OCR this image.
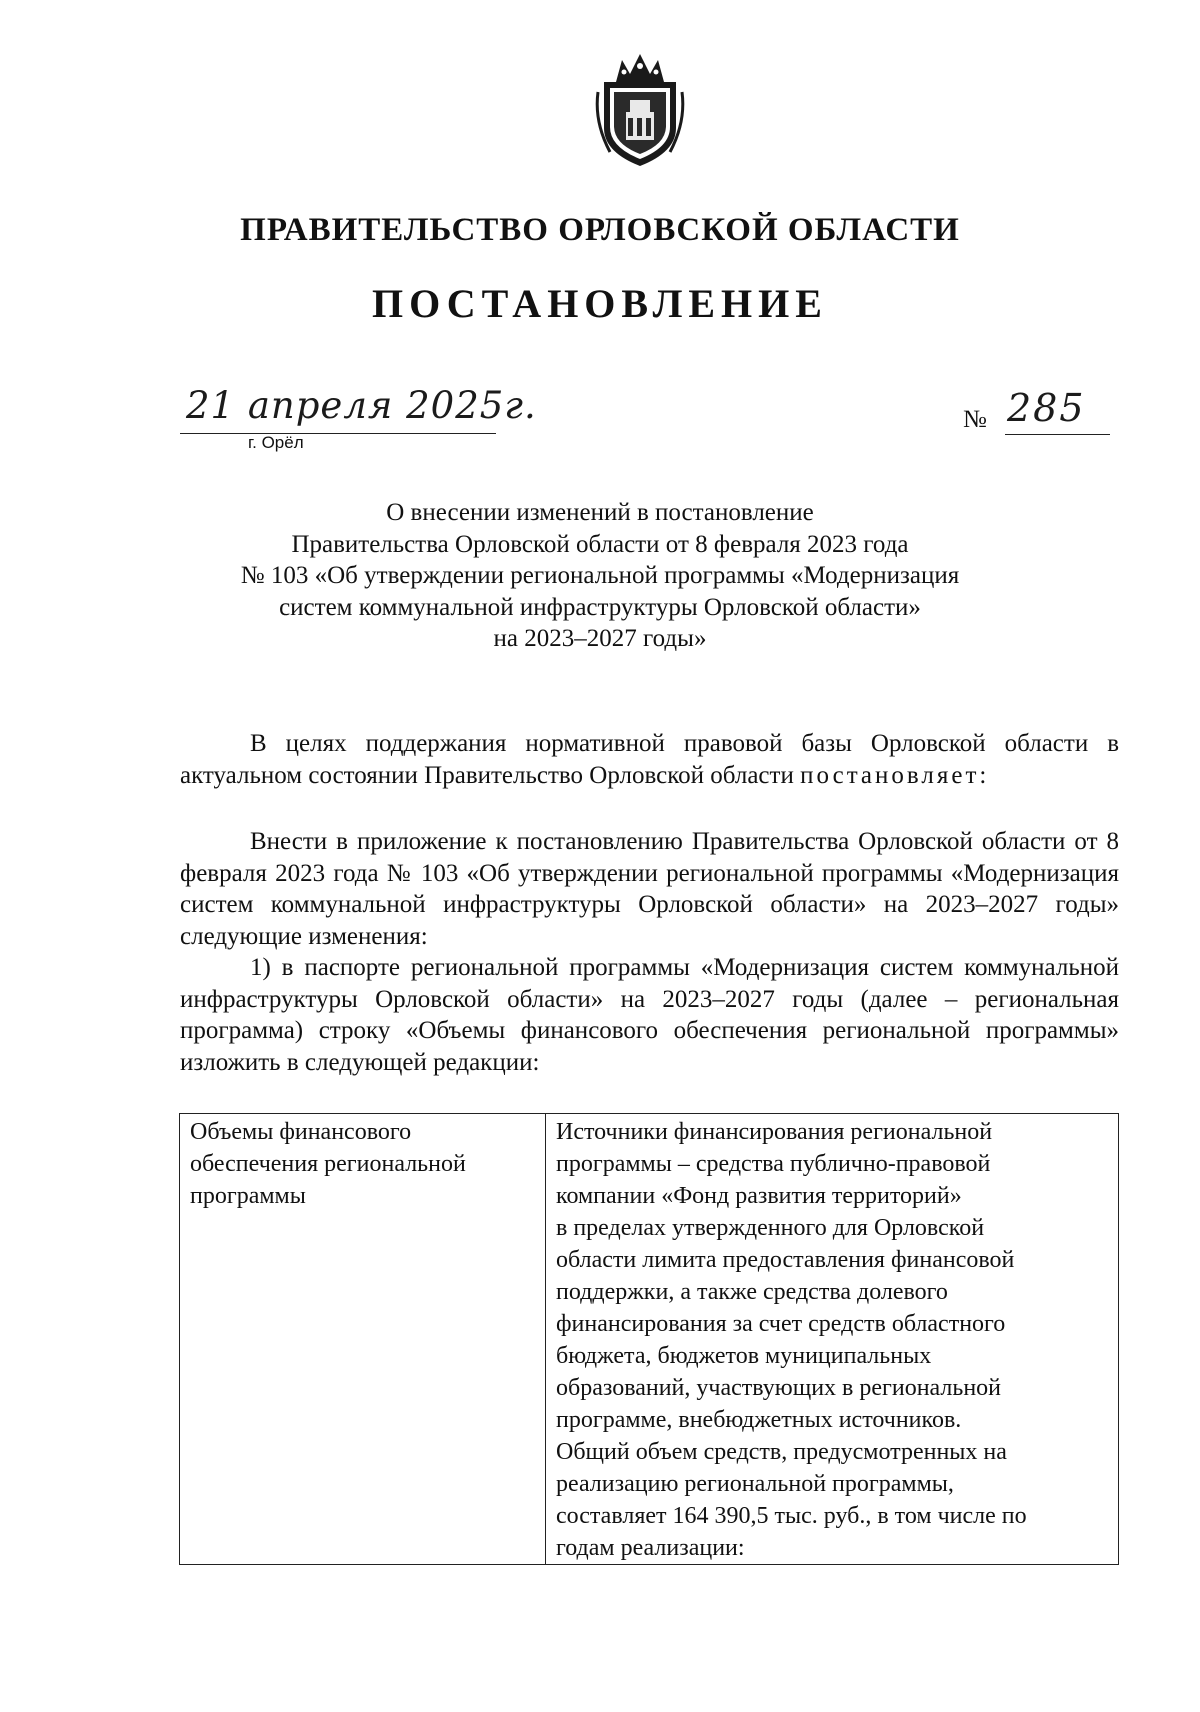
ПРАВИТЕЛЬСТВО ОРЛОВСКОЙ ОБЛАСТИ
ПОСТАНОВЛЕНИЕ
21 апреля 2025г.
г. Орёл
№ 285
О внесении изменений в постановление
Правительства Орловской области от 8 февраля 2023 года
№ 103 «Об утверждении региональной программы «Модернизация
систем коммунальной инфраструктуры Орловской области»
на 2023–2027 годы»

В целях поддержания нормативной правовой базы Орловской области в актуальном состоянии Правительство Орловской области постановляет:

Внести в приложение к постановлению Правительства Орловской области от 8 февраля 2023 года № 103 «Об утверждении региональной программы «Модернизация систем коммунальной инфраструктуры Орловской области» на 2023–2027 годы» следующие изменения:

1) в паспорте региональной программы «Модернизация систем коммунальной инфраструктуры Орловской области» на 2023–2027 годы (далее – региональная программа) строку «Объемы финансового обеспечения региональной программы» изложить в следующей редакции:

Объемы финансового
обеспечения региональной
программы

Источники финансирования региональной
программы – средства публично-правовой
компании «Фонд развития территорий»
в пределах утвержденного для Орловской
области лимита предоставления финансовой
поддержки, а также средства долевого
финансирования за счет средств областного
бюджета, бюджетов муниципальных
образований, участвующих в региональной
программе, внебюджетных источников.
Общий объем средств, предусмотренных на
реализацию региональной программы,
составляет 164 390,5 тыс. руб., в том числе по
годам реализации:
